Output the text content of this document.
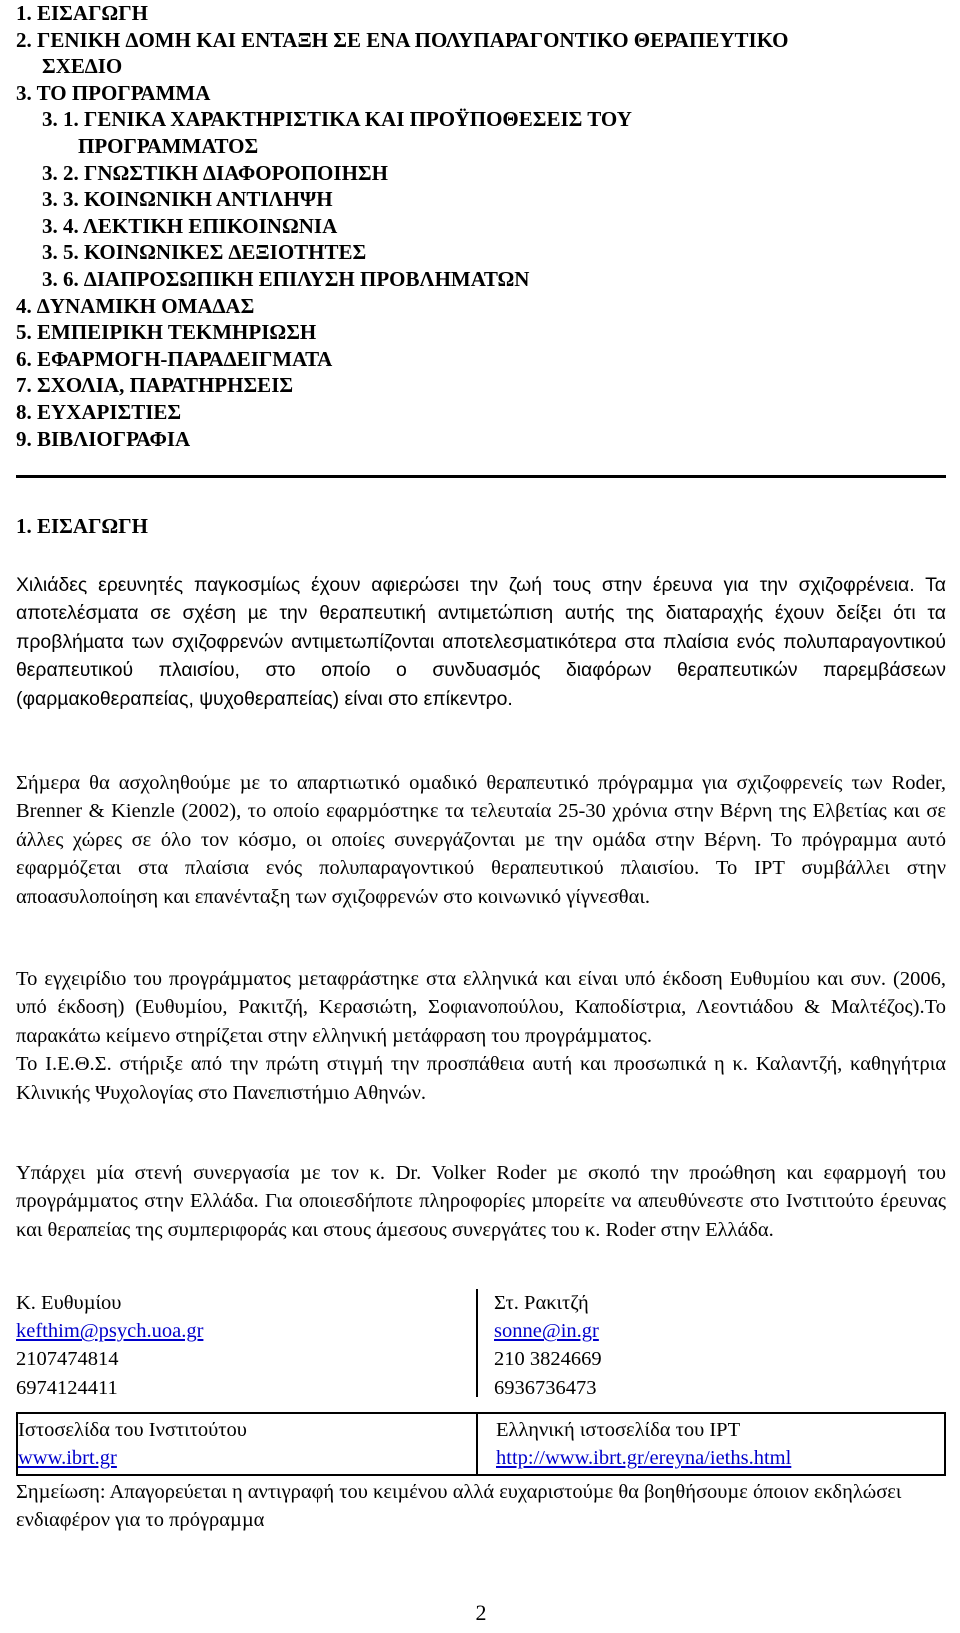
1. ΕΙΣΑΓΩΓΗ
2. ΓΕΝΙΚΗ ∆ΟΜΗ ΚΑΙ ΕΝΤΑΞΗ ΣΕ ΕΝΑ ΠΟΛΥΠΑΡΑΓΟΝΤΙΚΟ ΘΕΡΑΠΕΥΤΙΚΟ
ΣΧΕ∆ΙΟ
3. ΤΟ ΠΡΟΓΡΑΜΜΑ
3. 1. ΓΕΝΙΚΑ ΧΑΡΑΚΤΗΡΙΣΤΙΚΑ ΚΑΙ ΠΡΟΫΠΟΘΕΣΕΙΣ ΤΟΥ
ΠΡΟΓΡΑΜΜΑΤΟΣ
3. 2. ΓΝΩΣΤΙΚΗ ∆ΙΑΦΟΡΟΠΟΙΗΣΗ
3. 3. ΚΟΙΝΩΝΙΚΗ ΑΝΤΙΛΗΨΗ
3. 4. ΛΕΚΤΙΚΗ ΕΠΙΚΟΙΝΩΝΙΑ
3. 5. ΚΟΙΝΩΝΙΚΕΣ ∆ΕΞΙΟΤΗΤΕΣ
3. 6. ∆ΙΑΠΡΟΣΩΠΙΚΗ ΕΠΙΛΥΣΗ ΠΡΟΒΛΗΜΑΤΩΝ
4. ∆ΥΝΑΜΙΚΗ ΟΜΑ∆ΑΣ
5. ΕΜΠΕΙΡΙΚΗ ΤΕΚΜΗΡΙΩΣΗ
6. ΕΦΑΡΜΟΓΗ-ΠΑΡΑ∆ΕΙΓΜΑΤΑ
7. ΣΧΟΛΙΑ, ΠΑΡΑΤΗΡΗΣΕΙΣ
8. ΕΥΧΑΡΙΣΤΙΕΣ
9. ΒΙΒΛΙΟΓΡΑΦΙΑ
1. ΕΙΣΑΓΩΓΗ
Χιλιάδες ερευνητές παγκοσµίως έχουν αφιερώσει την ζωή τους στην έρευνα για την σχιζοφρένεια. Τα αποτελέσµατα σε σχέση µε την θεραπευτική αντιµετώπιση αυτής της διαταραχής έχουν δείξει ότι τα προβλήµατα των σχιζοφρενών αντιµετωπίζονται αποτελεσµατικότερα στα πλαίσια ενός πολυπαραγοντικού θεραπευτικού πλαισίου, στο οποίο ο συνδυασµός διαφόρων θεραπευτικών παρεµβάσεων (φαρµακοθεραπείας, ψυχοθεραπείας) είναι στο επίκεντρο.
Σήµερα θα ασχοληθούµε µε το απαρτιωτικό οµαδικό θεραπευτικό πρόγραµµα για σχιζοφρενείς των Roder, Brenner & Kienzle (2002), το οποίο εφαρµόστηκε τα τελευταία 25-30 χρόνια στην Βέρνη της Ελβετίας και σε άλλες χώρες σε όλο τον κόσµο, οι οποίες συνεργάζονται µε την οµάδα στην Βέρνη. Το πρόγραµµα αυτό εφαρµόζεται στα πλαίσια ενός πολυπαραγοντικού θεραπευτικού πλαισίου. Το IPT συµβάλλει στην αποασυλοποίηση και επανένταξη των σχιζοφρενών στο κοινωνικό γίγνεσθαι.
Το εγχειρίδιο του προγράµµατος µεταφράστηκε στα ελληνικά και είναι υπό έκδοση Ευθυµίου και συν. (2006, υπό έκδοση) (Ευθυµίου, Ρακιτζή, Κερασιώτη, Σοφιανοπούλου, Καποδίστρια, Λεοντιάδου & Μαλτέζος).Το παρακάτω κείµενο στηρίζεται στην ελληνική µετάφραση του προγράµµατος.
Το Ι.Ε.Θ.Σ. στήριξε από την πρώτη στιγµή την προσπάθεια αυτή και προσωπικά η κ. Καλαντζή, καθηγήτρια Κλινικής Ψυχολογίας στο Πανεπιστήµιο Αθηνών.
Υπάρχει µία στενή συνεργασία µε τον κ. Dr. Volker Roder µε σκοπό την προώθηση και εφαρµογή του προγράµµατος στην Ελλάδα. Για οποιεσδήποτε πληροφορίες µπορείτε να απευθύνεστε στο Ινστιτούτο έρευνας και θεραπείας της συµπεριφοράς και στους άµεσους συνεργάτες του κ. Roder στην Ελλάδα.
Κ. Ευθυµίου
kefthim@psych.uoa.gr
2107474814
6974124411
Στ. Ρακιτζή
sonne@in.gr
210 3824669
6936736473
Ιστοσελίδα του Ινστιτούτου
www.ibrt.gr
Ελληνική ιστοσελίδα του IPT
http://www.ibrt.gr/ereyna/ieths.html
Σηµείωση: Απαγορεύεται η αντιγραφή του κειµένου αλλά ευχαριστούµε θα βοηθήσουµε όποιον εκδηλώσει ενδιαφέρον για το πρόγραµµα
2
